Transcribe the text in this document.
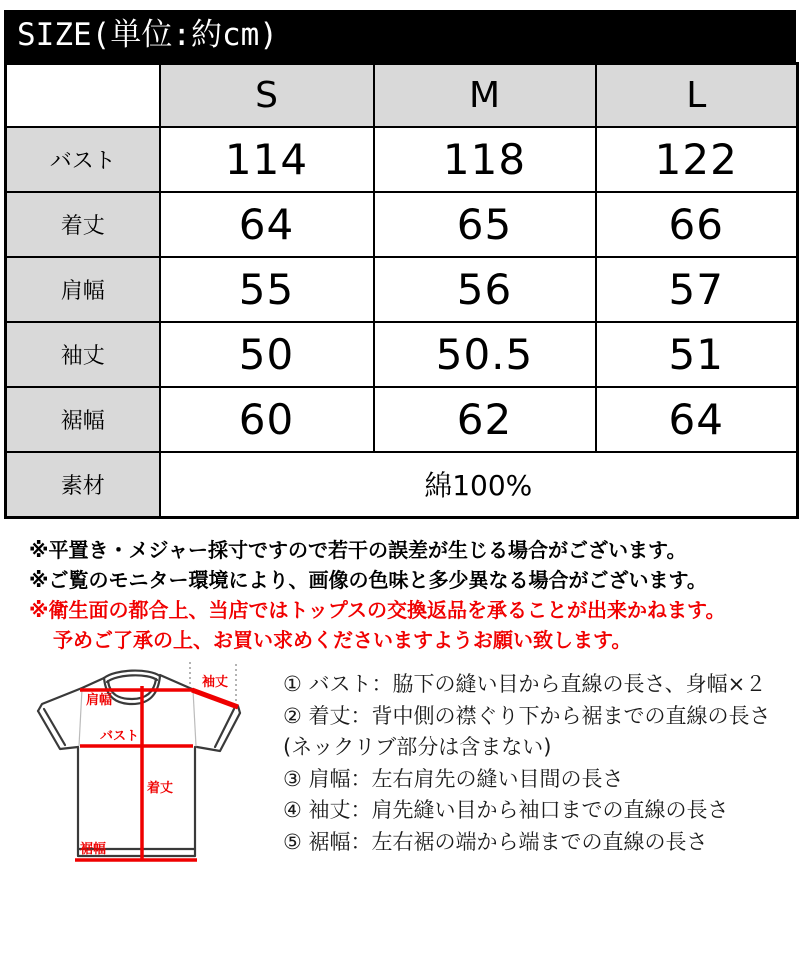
SIZE(単位:約cm)
	S	M	L
バスト	114	118	122
着丈	64	65	66
肩幅	55	56	57
袖丈	50	50.5	51
裾幅	60	62	64
素材	綿100%		

※平置き・メジャー採寸ですので若干の誤差が生じる場合がございます。

※ご覧のモニター環境により、画像の色味と多少異なる場合がございます。

※衛生面の都合上、当店ではトップスの交換返品を承ることが出来かねます。

予めご了承の上、お買い求めくださいますようお願い致します。

肩幅
バスト
着丈
袖丈
裾幅

① バスト：脇下の縫い目から直線の長さ、身幅×２

② 着丈：背中側の襟ぐり下から裾までの直線の長さ

(ネックリブ部分は含まない)

③ 肩幅：左右肩先の縫い目間の長さ

④ 袖丈：肩先縫い目から袖口までの直線の長さ

⑤ 裾幅：左右裾の端から端までの直線の長さ
